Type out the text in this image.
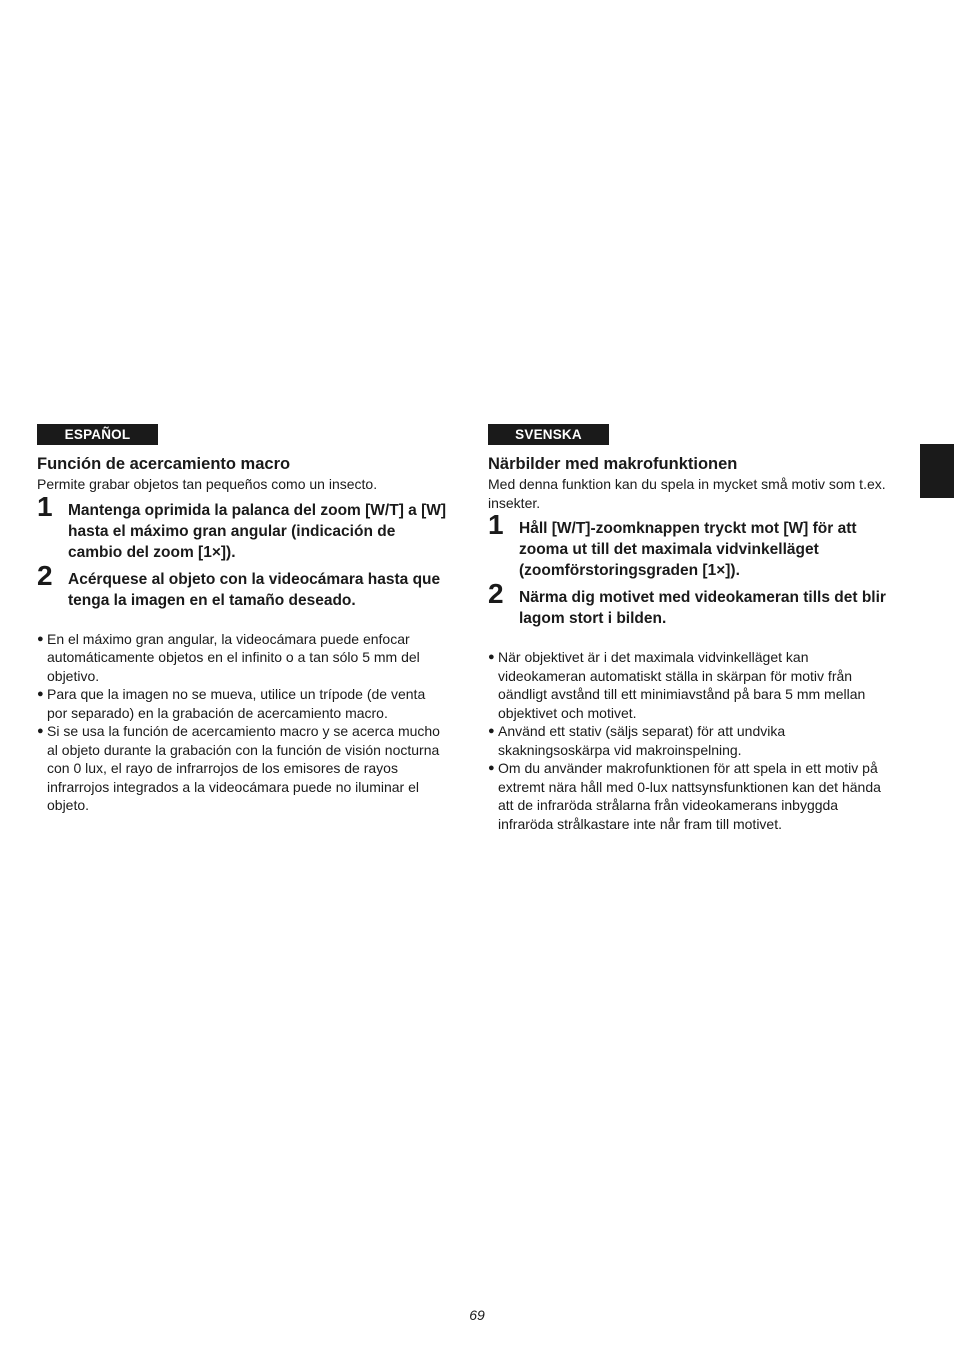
ESPAÑOL
Función de acercamiento macro

Permite grabar objetos tan pequeños como un insecto.

1 Mantenga oprimida la palanca del zoom [W/T] a [W] hasta el máximo gran angular (indicación de cambio del zoom [1×]).

2 Acérquese al objeto con la videocámara hasta que tenga la imagen en el tamaño deseado.

● En el máximo gran angular, la videocámara puede enfocar automáticamente objetos en el infinito o a tan sólo 5 mm del objetivo.
● Para que la imagen no se mueva, utilice un trípode (de venta por separado) en la grabación de acercamiento macro.
● Si se usa la función de acercamiento macro y se acerca mucho al objeto durante la grabación con la función de visión nocturna con 0 lux, el rayo de infrarrojos de los emisores de rayos infrarrojos integrados a la videocámara puede no iluminar el objeto.
SVENSKA
Närbilder med makrofunktionen

Med denna funktion kan du spela in mycket små motiv som t.ex. insekter.

1 Håll [W/T]-zoomknappen tryckt mot [W] för att zooma ut till det maximala vidvinkelläget (zoomförstoringsgraden [1×]).

2 Närma dig motivet med videokameran tills det blir lagom stort i bilden.

● När objektivet är i det maximala vidvinkelläget kan videokameran automatiskt ställa in skärpan för motiv från oändligt avstånd till ett minimiavstånd på bara 5 mm mellan objektivet och motivet.
● Använd ett stativ (säljs separat) för att undvika skakningsoskärpa vid makroinspelning.
● Om du använder makrofunktionen för att spela in ett motiv på extremt nära håll med 0-lux nattsynsfunktionen kan det hända att de infraröda strålarna från videokamerans inbyggda infraröda strålkastare inte når fram till motivet.
69
